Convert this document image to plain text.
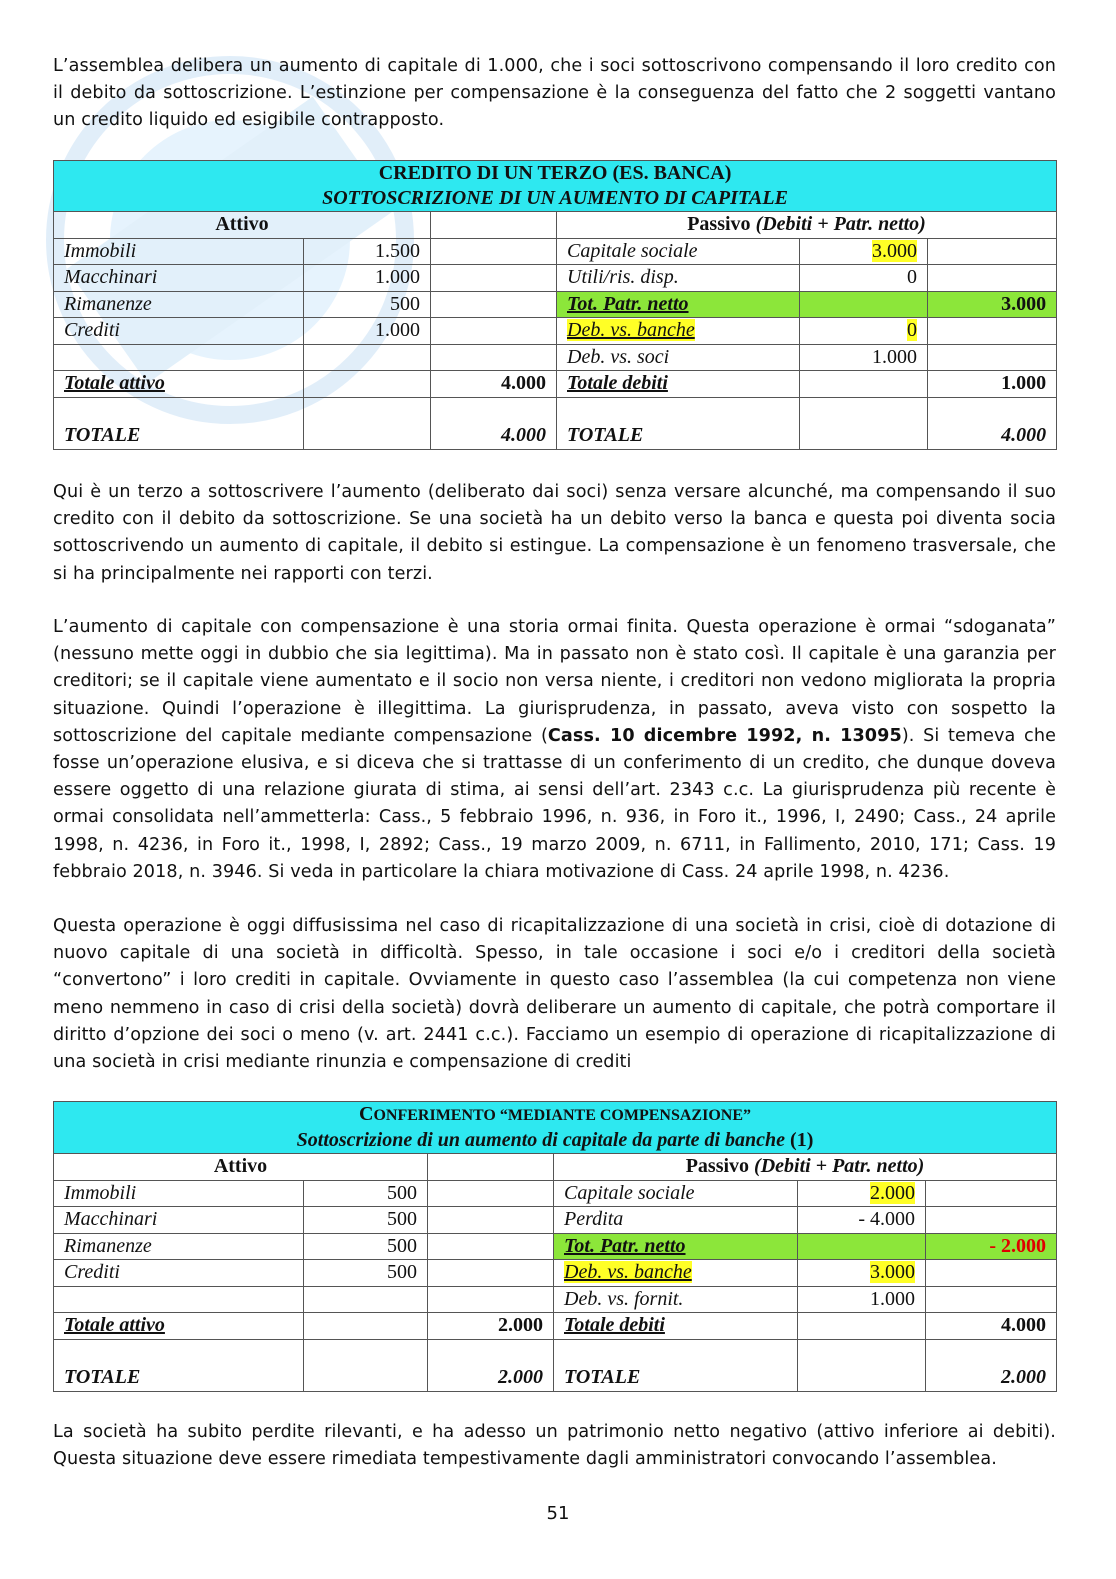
L’assemblea delibera un aumento di capitale di 1.000, che i soci sottoscrivono compensando il loro credito con il debito da sottoscrizione. L’estinzione per compensazione è la conseguenza del fatto che 2 soggetti vantano un credito liquido ed esigibile contrapposto.

CREDITO DI UN TERZO (ES. BANCA)
SOTTOSCRIZIONE DI UN AUMENTO DI CAPITALE					

Attivo			Passivo (Debiti + Patr. netto)		
Immobili	1.500		Capitale sociale	3.000	
Macchinari	1.000		Utili/ris. disp.	0	
Rimanenze	500		Tot. Patr. netto		3.000
Crediti	1.000		Deb. vs. banche	0	
			Deb. vs. soci	1.000	
Totale attivo		4.000	Totale debiti		1.000
TOTALE		4.000	TOTALE		4.000

Qui è un terzo a sottoscrivere l’aumento (deliberato dai soci) senza versare alcunché, ma compensando il suo credito con il debito da sottoscrizione. Se una società ha un debito verso la banca e questa poi diventa socia sottoscrivendo un aumento di capitale, il debito si estingue. La compensazione è un fenomeno trasversale, che si ha principalmente nei rapporti con terzi.

L’aumento di capitale con compensazione è una storia ormai finita. Questa operazione è ormai “sdoganata” (nessuno mette oggi in dubbio che sia legittima). Ma in passato non è stato così. Il capitale è una garanzia per creditori; se il capitale viene aumentato e il socio non versa niente, i creditori non vedono migliorata la propria situazione. Quindi l’operazione è illegittima. La giurisprudenza, in passato, aveva visto con sospetto la sottoscrizione del capitale mediante compensazione (Cass. 10 dicembre 1992, n. 13095). Si temeva che fosse un’operazione elusiva, e si diceva che si trattasse di un conferimento di un credito, che dunque doveva essere oggetto di una relazione giurata di stima, ai sensi dell’art. 2343 c.c. La giurisprudenza più recente è ormai consolidata nell’ammetterla: Cass., 5 febbraio 1996, n. 936, in Foro it., 1996, I, 2490; Cass., 24 aprile 1998, n. 4236, in Foro it., 1998, I, 2892; Cass., 19 marzo 2009, n. 6711, in Fallimento, 2010, 171; Cass. 19 febbraio 2018, n. 3946. Si veda in particolare la chiara motivazione di Cass. 24 aprile 1998, n. 4236.

Questa operazione è oggi diffusissima nel caso di ricapitalizzazione di una società in crisi, cioè di dotazione di nuovo capitale di una società in difficoltà. Spesso, in tale occasione i soci e/o i creditori della società “convertono” i loro crediti in capitale. Ovviamente in questo caso l’assemblea (la cui competenza non viene meno nemmeno in caso di crisi della società) dovrà deliberare un aumento di capitale, che potrà comportare il diritto d’opzione dei soci o meno (v. art. 2441 c.c.). Facciamo un esempio di operazione di ricapitalizzazione di una società in crisi mediante rinunzia e compensazione di crediti

CONFERIMENTO “MEDIANTE COMPENSAZIONE”
Sottoscrizione di un aumento di capitale da parte di banche (1)					

Attivo			Passivo (Debiti + Patr. netto)		
Immobili	500		Capitale sociale	2.000	
Macchinari	500		Perdita	- 4.000	
Rimanenze	500		Tot. Patr. netto		- 2.000
Crediti	500		Deb. vs. banche	3.000	
			Deb. vs. fornit.	1.000	
Totale attivo		2.000	Totale debiti		4.000
TOTALE		2.000	TOTALE		2.000

La società ha subito perdite rilevanti, e ha adesso un patrimonio netto negativo (attivo inferiore ai debiti). Questa situazione deve essere rimediata tempestivamente dagli amministratori convocando l’assemblea.

51
